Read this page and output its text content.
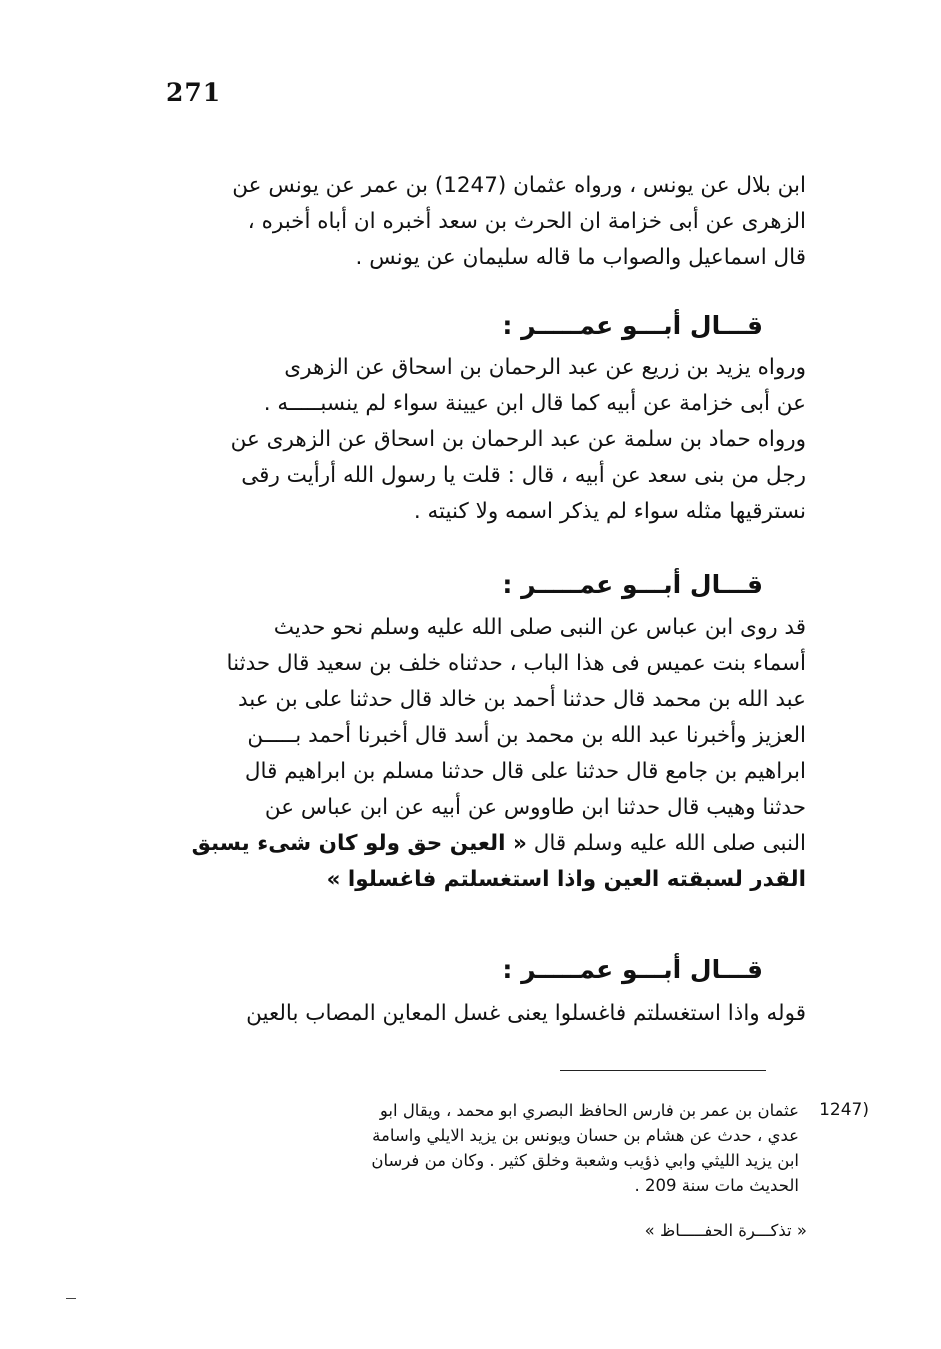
271
ابن بلال عن يونس ، ورواه عثمان (1247) بن عمر عن يونس عن
الزهرى عن أبى خزامة ان الحرث بن سعد أخبره ان أباه أخبره ،
قال اسماعيل والصواب ما قاله سليمان عن يونس .
قـــال أبـــو عمـــــر :
ورواه يزيد بن زريع عن عبد الرحمان بن اسحاق عن الزهرى
عن أبى خزامة عن أبيه كما قال ابن عيينة سواء لم ينسبـــــه .
ورواه حماد بن سلمة عن عبد الرحمان بن اسحاق عن الزهرى عن
رجل من بنى سعد عن أبيه ، قال : قلت يا رسول الله أرأيت رقى
نسترقيها مثله سواء لم يذكر اسمه ولا كنيته .
قـــال أبـــو عمـــــر :
قد روى ابن عباس عن النبى صلى الله عليه وسلم نحو حديث
أسماء بنت عميس فى هذا الباب ، حدثناه خلف بن سعيد قال حدثنا
عبد الله بن محمد قال حدثنا أحمد بن خالد قال حدثنا على بن عبد
العزيز وأخبرنا عبد الله بن محمد بن أسد قال أخبرنا أحمد بـــــن
ابراهيم بن جامع قال حدثنا على قال حدثنا مسلم بن ابراهيم قال
حدثنا وهيب قال حدثنا ابن طاووس عن أبيه عن ابن عباس عن
النبى صلى الله عليه وسلم قال « العين حق ولو كان شىء يسبق
القدر لسبقته العين واذا استغسلتم فاغسلوا »
قـــال أبـــو عمـــــر :
قوله واذا استغسلتم فاغسلوا يعنى غسل المعاين المصاب بالعين
1247)
عثمان بن عمر بن فارس الحافظ البصري ابو محمد ، ويقال ابو
عدي ، حدث عن هشام بن حسان ويونس بن يزيد الايلي واسامة
ابن يزيد الليثي وابي ذؤيب وشعبة وخلق كثير . وكان من فرسان
الحديث مات سنة 209 .
« تذكـــرة الحفـــــاظ »
